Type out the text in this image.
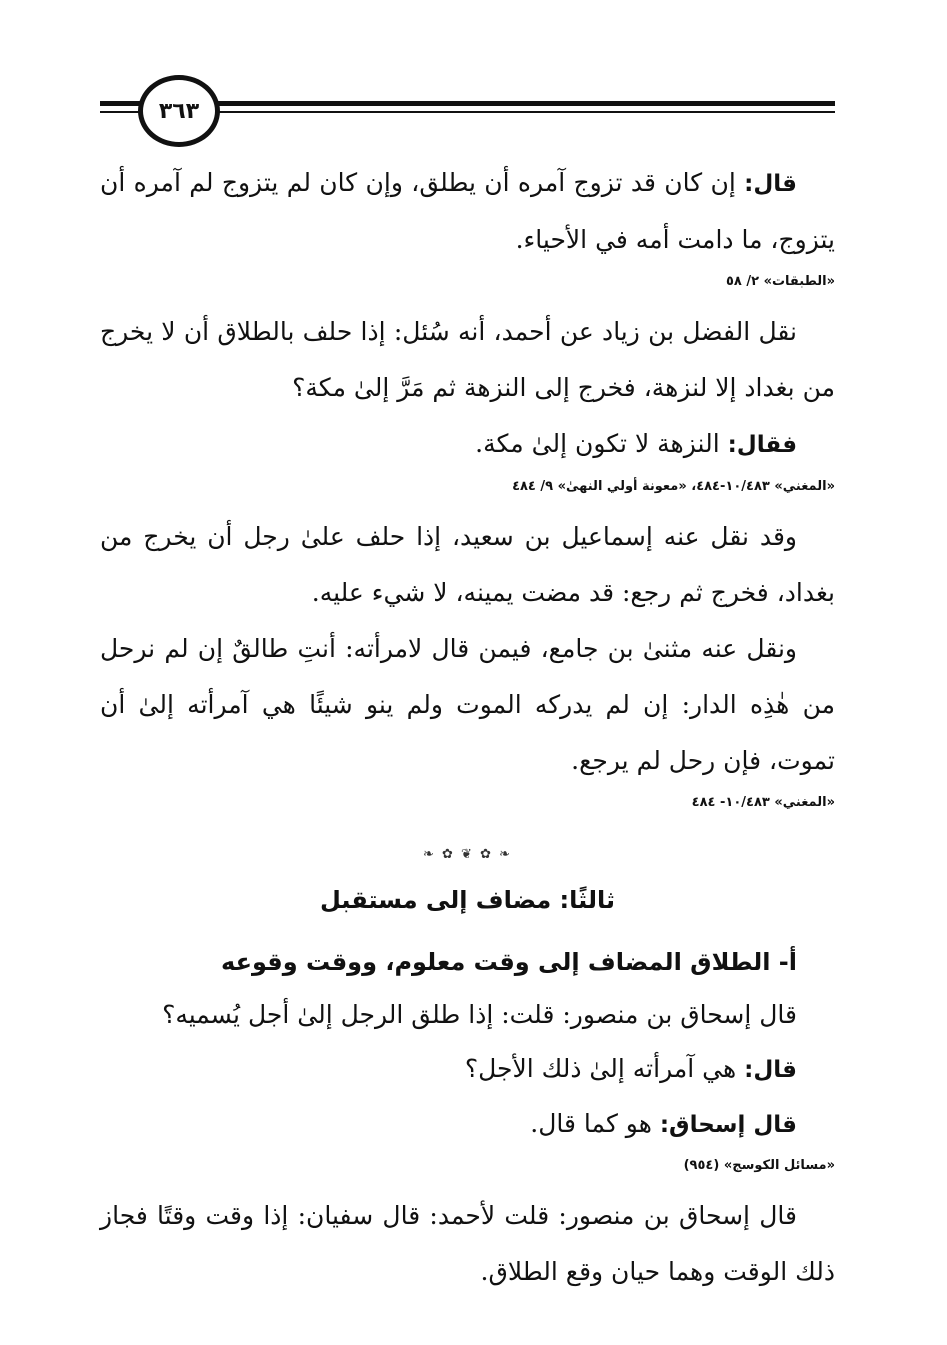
٣٦٣

قال: إن كان قد تزوج آمره أن يطلق، وإن كان لم يتزوج لم آمره أن يتزوج، ما دامت أمه في الأحياء.

«الطبقات» ٢/ ٥٨

نقل الفضل بن زياد عن أحمد، أنه سُئل: إذا حلف بالطلاق أن لا يخرج من بغداد إلا لنزهة، فخرج إلى النزهة ثم مَرَّ إلىٰ مكة؟

فقال: النزهة لا تكون إلىٰ مكة.

«المغني» ١٠/٤٨٣-٤٨٤، «معونة أولي النهىٰ» ٩/ ٤٨٤

وقد نقل عنه إسماعيل بن سعيد، إذا حلف علىٰ رجل أن يخرج من بغداد، فخرج ثم رجع: قد مضت يمينه، لا شيء عليه.

ونقل عنه مثنىٰ بن جامع، فيمن قال لامرأته: أنتِ طالقٌ إن لم نرحل من هٰذِه الدار: إن لم يدركه الموت ولم ينو شيئًا هي آمرأته إلىٰ أن تموت، فإن رحل لم يرجع.

«المغني» ١٠/٤٨٣- ٤٨٤
❧ ✿ ❦ ✿ ❧
ثالثًا: مضاف إلى مستقبل
أ- الطلاق المضاف إلى وقت معلوم، ووقت وقوعه

قال إسحاق بن منصور: قلت: إذا طلق الرجل إلىٰ أجل يُسميه؟

قال: هي آمرأته إلىٰ ذلك الأجل؟

قال إسحاق: هو كما قال.

«مسائل الكوسج» (٩٥٤)

قال إسحاق بن منصور: قلت لأحمد: قال سفيان: إذا وقت وقتًا فجاز ذلك الوقت وهما حيان وقع الطلاق.
